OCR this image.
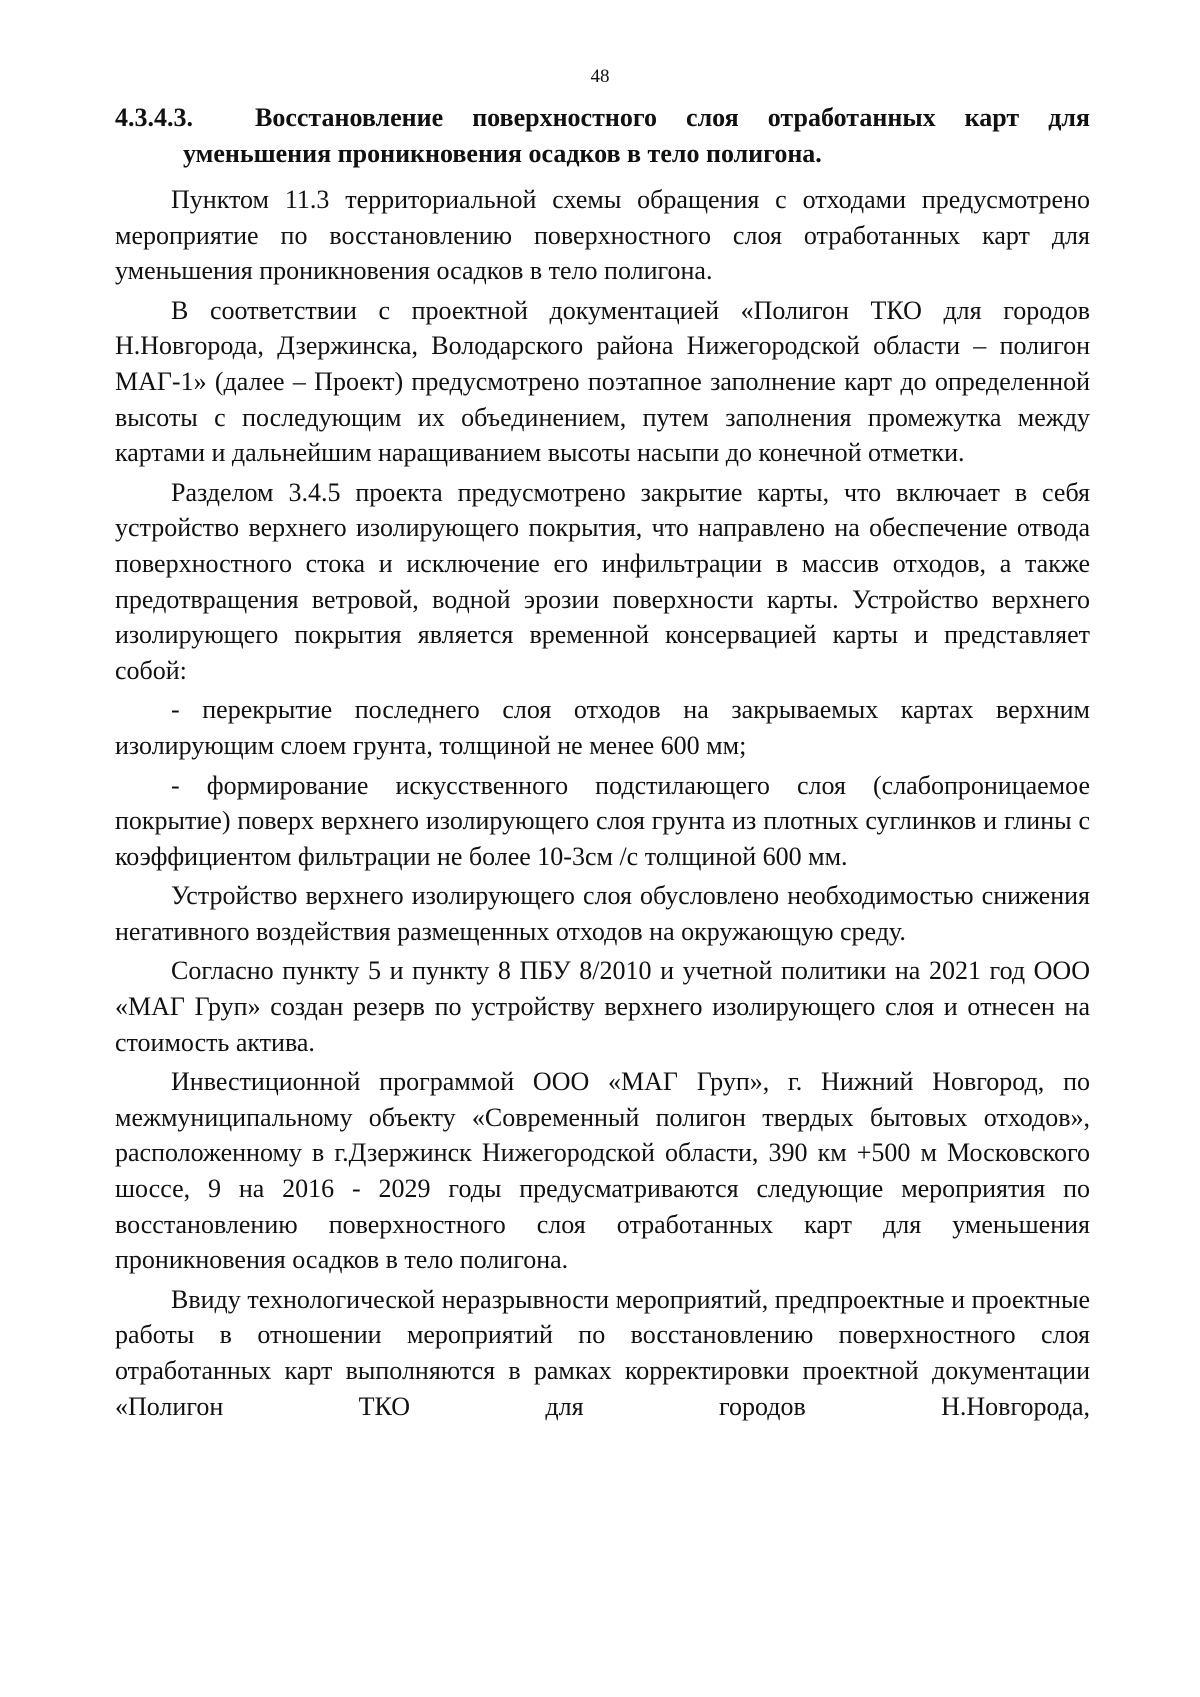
48
4.3.4.3. Восстановление поверхностного слоя отработанных карт для
уменьшения проникновения осадков в тело полигона.

Пунктом 11.3 территориальной схемы обращения с отходами предусмотрено мероприятие по восстановлению поверхностного слоя отработанных карт для уменьшения проникновения осадков в тело полигона.

В соответствии с проектной документацией «Полигон ТКО для городов Н.Новгорода, Дзержинска, Володарского района Нижегородской области – полигон МАГ-1» (далее – Проект) предусмотрено поэтапное заполнение карт до определенной высоты с последующим их объединением, путем заполнения промежутка между картами и дальнейшим наращиванием высоты насыпи до конечной отметки.

Разделом 3.4.5 проекта предусмотрено закрытие карты, что включает в себя устройство верхнего изолирующего покрытия, что направлено на обеспечение отвода поверхностного стока и исключение его инфильтрации в массив отходов, а также предотвращения ветровой, водной эрозии поверхности карты. Устройство верхнего изолирующего покрытия является временной консервацией карты и представляет собой:

- перекрытие последнего слоя отходов на закрываемых картах верхним изолирующим слоем грунта, толщиной не менее 600 мм;

- формирование искусственного подстилающего слоя (слабопроницаемое покрытие) поверх верхнего изолирующего слоя грунта из плотных суглинков и глины с коэффициентом фильтрации не более 10-3см /с толщиной 600 мм.

Устройство верхнего изолирующего слоя обусловлено необходимостью снижения негативного воздействия размещенных отходов на окружающую среду.

Согласно пункту 5 и пункту 8 ПБУ 8/2010 и учетной политики на 2021 год ООО «МАГ Груп» создан резерв по устройству верхнего изолирующего слоя и отнесен на стоимость актива.

Инвестиционной программой ООО «МАГ Груп», г. Нижний Новгород, по межмуниципальному объекту «Современный полигон твердых бытовых отходов», расположенному в г.Дзержинск Нижегородской области, 390 км +500 м Московского шоссе, 9 на 2016 - 2029 годы предусматриваются следующие мероприятия по восстановлению поверхностного слоя отработанных карт для уменьшения проникновения осадков в тело полигона.

Ввиду технологической неразрывности мероприятий, предпроектные и проектные работы в отношении мероприятий по восстановлению поверхностного слоя отработанных карт выполняются в рамках корректировки проектной документации «Полигон ТКО для городов Н.Новгорода,
